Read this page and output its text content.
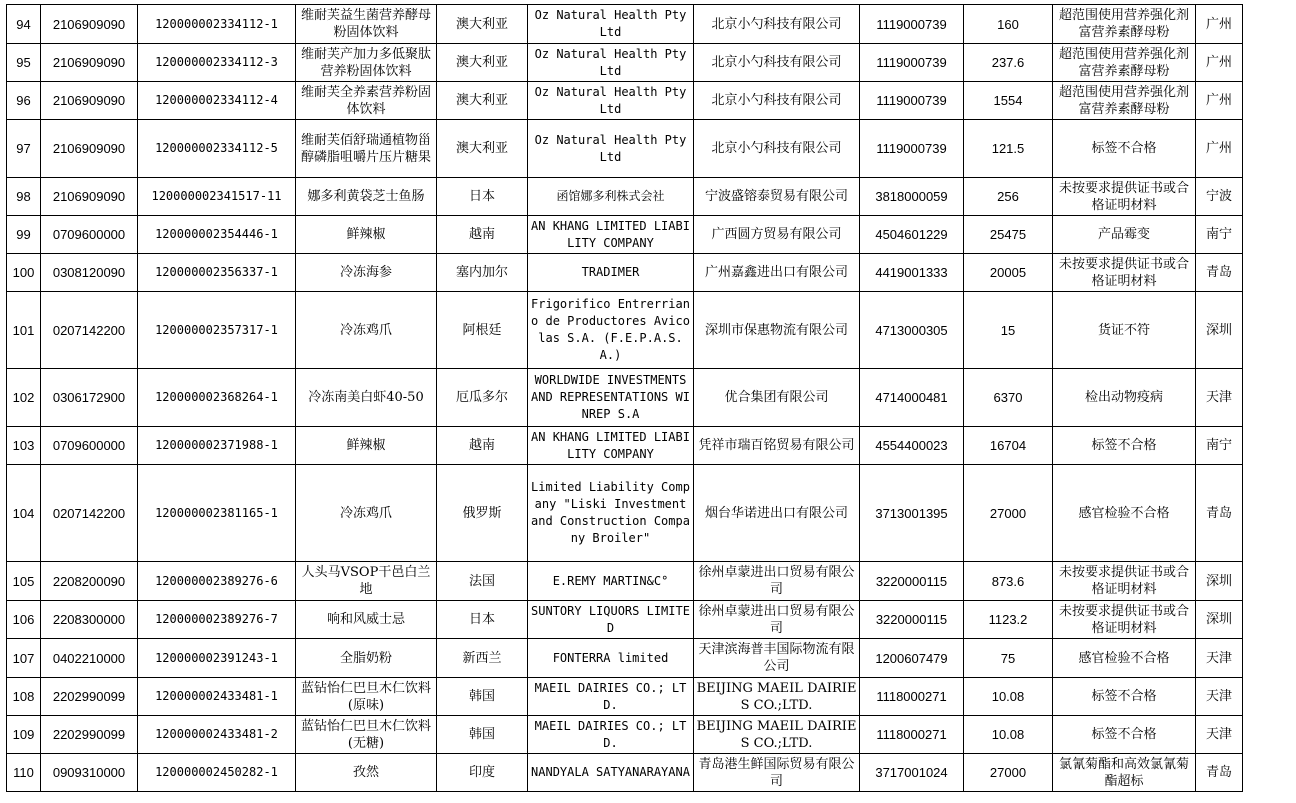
94	2106909090	120000002334112-1	维耐芙益生菌营养酵母粉固体饮料	澳大利亚	Oz Natural Health Pty Ltd	北京小勺科技有限公司	1119000739	160	超范围使用营养强化剂富营养素酵母粉	广州
95	2106909090	120000002334112-3	维耐芙产加力多低聚肽营养粉固体饮料	澳大利亚	Oz Natural Health Pty Ltd	北京小勺科技有限公司	1119000739	237.6	超范围使用营养强化剂富营养素酵母粉	广州
96	2106909090	120000002334112-4	维耐芙全养素营养粉固体饮料	澳大利亚	Oz Natural Health Pty Ltd	北京小勺科技有限公司	1119000739	1554	超范围使用营养强化剂富营养素酵母粉	广州
97	2106909090	120000002334112-5	维耐芙佰舒瑞通植物甾醇磷脂咀嚼片压片糖果	澳大利亚	Oz Natural Health Pty Ltd	北京小勺科技有限公司	1119000739	121.5	标签不合格	广州
98	2106909090	120000002341517-11	娜多利黄袋芝士鱼肠	日本	函馆娜多利株式会社	宁波盛镕泰贸易有限公司	3818000059	256	未按要求提供证书或合格证明材料	宁波
99	0709600000	120000002354446-1	鲜辣椒	越南	AN KHANG LIMITED LIABILITY COMPANY	广西圆方贸易有限公司	4504601229	25475	产品霉变	南宁
100	0308120090	120000002356337-1	冷冻海参	塞内加尔	TRADIMER	广州嘉鑫进出口有限公司	4419001333	20005	未按要求提供证书或合格证明材料	青岛
101	0207142200	120000002357317-1	冷冻鸡爪	阿根廷	Frigorifico Entrerriano de Productores Avicolas S.A. (F.E.P.A.S.A.)	深圳市保惠物流有限公司	4713000305	15	货证不符	深圳
102	0306172900	120000002368264-1	冷冻南美白虾40-50	厄瓜多尔	WORLDWIDE INVESTMENTS AND REPRESENTATIONS WINREP S.A	优合集团有限公司	4714000481	6370	检出动物疫病	天津
103	0709600000	120000002371988-1	鲜辣椒	越南	AN KHANG LIMITED LIABILITY COMPANY	凭祥市瑞百铭贸易有限公司	4554400023	16704	标签不合格	南宁
104	0207142200	120000002381165-1	冷冻鸡爪	俄罗斯	Limited Liability Company "Liski Investment and Construction Company Broiler"	烟台华诺进出口有限公司	3713001395	27000	感官检验不合格	青岛
105	2208200090	120000002389276-6	人头马VSOP干邑白兰地	法国	E.REMY MARTIN&C°	徐州卓蒙进出口贸易有限公司	3220000115	873.6	未按要求提供证书或合格证明材料	深圳
106	2208300000	120000002389276-7	响和风威士忌	日本	SUNTORY LIQUORS LIMITED	徐州卓蒙进出口贸易有限公司	3220000115	1123.2	未按要求提供证书或合格证明材料	深圳
107	0402210000	120000002391243-1	全脂奶粉	新西兰	FONTERRA limited	天津滨海普丰国际物流有限公司	1200607479	75	感官检验不合格	天津
108	2202990099	120000002433481-1	蓝钻怡仁巴旦木仁饮料(原味)	韩国	MAEIL DAIRIES CO.; LTD.	BEIJING MAEIL DAIRIES CO.;LTD.	1118000271	10.08	标签不合格	天津
109	2202990099	120000002433481-2	蓝钻怡仁巴旦木仁饮料(无糖)	韩国	MAEIL DAIRIES CO.; LTD.	BEIJING MAEIL DAIRIES CO.;LTD.	1118000271	10.08	标签不合格	天津
110	0909310000	120000002450282-1	孜然	印度	NANDYALA SATYANARAYANA	青岛港生鲜国际贸易有限公司	3717001024	27000	氯氰菊酯和高效氯氰菊酯超标	青岛
